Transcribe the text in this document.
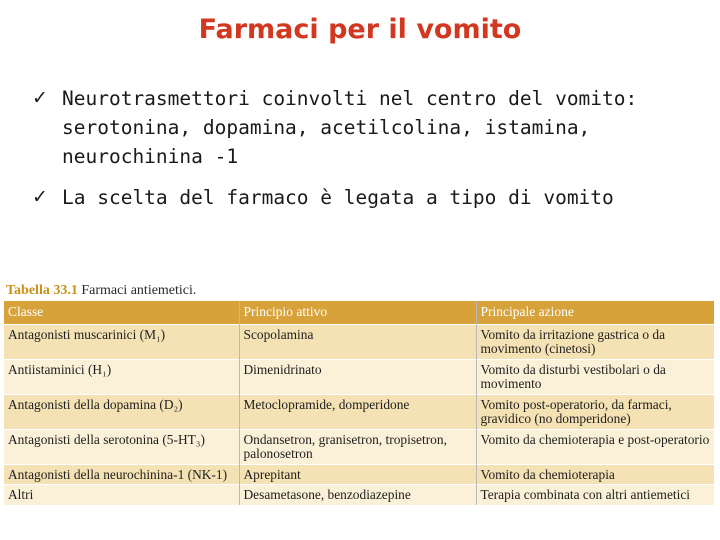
Farmaci per il vomito
✓ Neurotrasmettori coinvolti nel centro del vomito: serotonina, dopamina, acetilcolina, istamina, neurochinina -1
✓ La scelta del farmaco è legata a tipo di vomito
Tabella 33.1 Farmaci antiemetici.
Classe	Principio attivo	Principale azione
Antagonisti muscarinici (M₁)	Scopolamina	Vomito da irritazione gastrica o da movimento (cinetosi)
Antiistaminici (H₁)	Dimenidrinato	Vomito da disturbi vestibolari o da movimento
Antagonisti della dopamina (D₂)	Metoclopramide, domperidone	Vomito post-operatorio, da farmaci, gravidico (no domperidone)
Antagonisti della serotonina (5-HT₃)	Ondansetron, granisetron, tropisetron, palonosetron	Vomito da chemioterapia e post-operatorio
Antagonisti della neurochinina-1 (NK-1)	Aprepitant	Vomito da chemioterapia
Altri	Desametasone, benzodiazepine	Terapia combinata con altri antiemetici
